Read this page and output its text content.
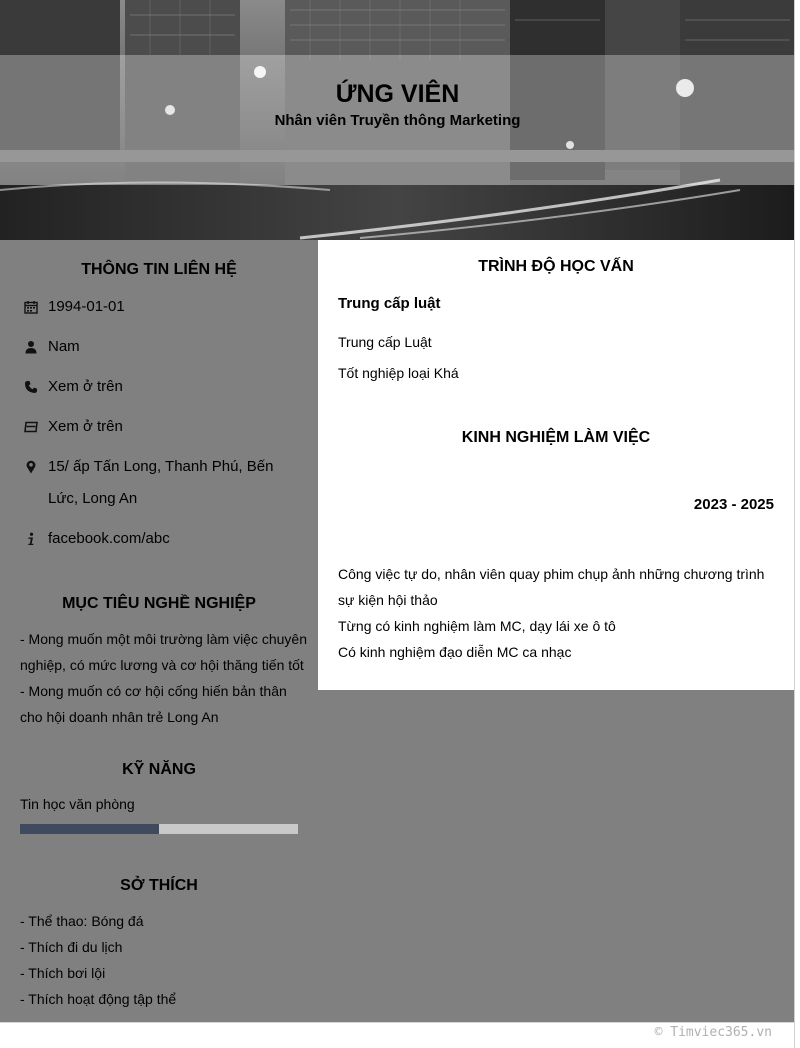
ỨNG VIÊN
Nhân viên Truyền thông Marketing
THÔNG TIN LIÊN HỆ
1994-01-01
Nam
Xem ở trên
Xem ở trên
15/ ấp Tấn Long, Thanh Phú, Bến Lức, Long An
facebook.com/abc
MỤC TIÊU NGHỀ NGHIỆP
- Mong muốn một môi trường làm việc chuyên nghiệp, có mức lương và cơ hội thăng tiến tốt
- Mong muốn có cơ hội cống hiến bản thân cho hội doanh nhân trẻ Long An
KỸ NĂNG
Tin học văn phòng
SỞ THÍCH
- Thể thao: Bóng đá
- Thích đi du lịch
- Thích bơi lội
- Thích hoạt động tập thể
TRÌNH ĐỘ HỌC VẤN
Trung cấp luật
Trung cấp Luật
Tốt nghiệp loại Khá
KINH NGHIỆM LÀM VIỆC
2023 - 2025
Công việc tự do, nhân viên quay phim chụp ảnh những chương trình sự kiện hội thảo
Từng có kinh nghiệm làm MC, dạy lái xe ô tô
Có kinh nghiệm đạo diễn MC ca nhạc
© Timviec365.vn
